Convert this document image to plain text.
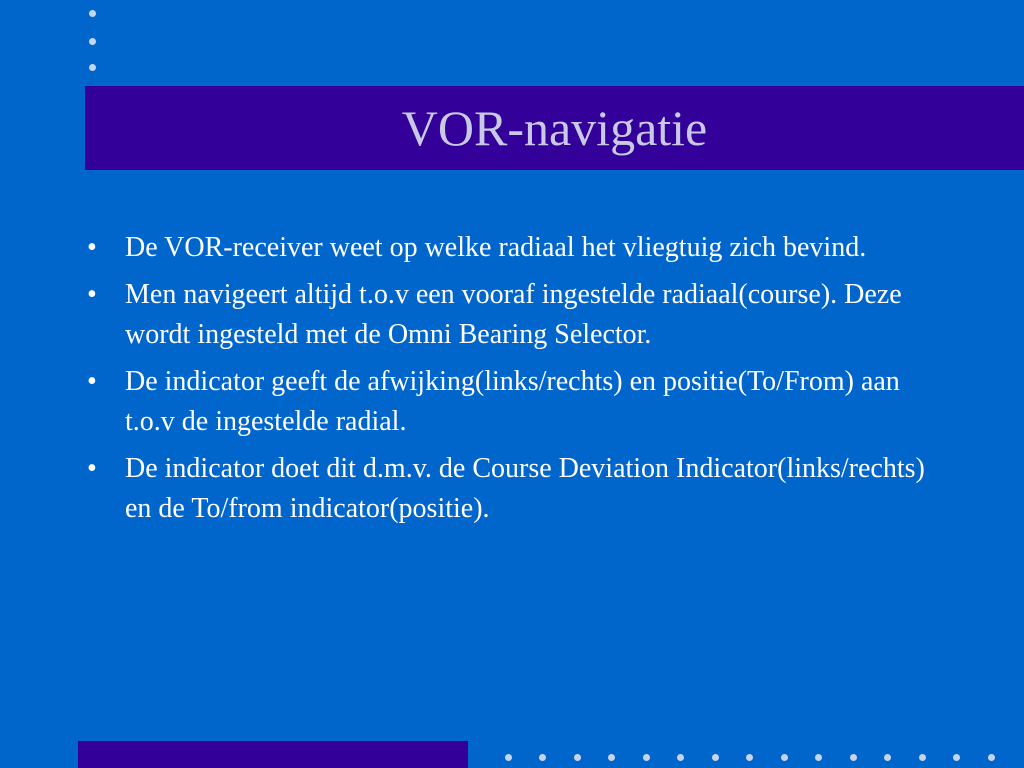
VOR-navigatie
• De VOR-receiver weet op welke radiaal het vliegtuig zich bevind.
• Men navigeert altijd t.o.v een vooraf ingestelde radiaal(course). Deze wordt ingesteld met de Omni Bearing Selector.
• De indicator geeft de afwijking(links/rechts) en positie(To/From) aan t.o.v de ingestelde radial.
• De indicator doet dit d.m.v. de Course Deviation Indicator(links/rechts) en de To/from indicator(positie).
